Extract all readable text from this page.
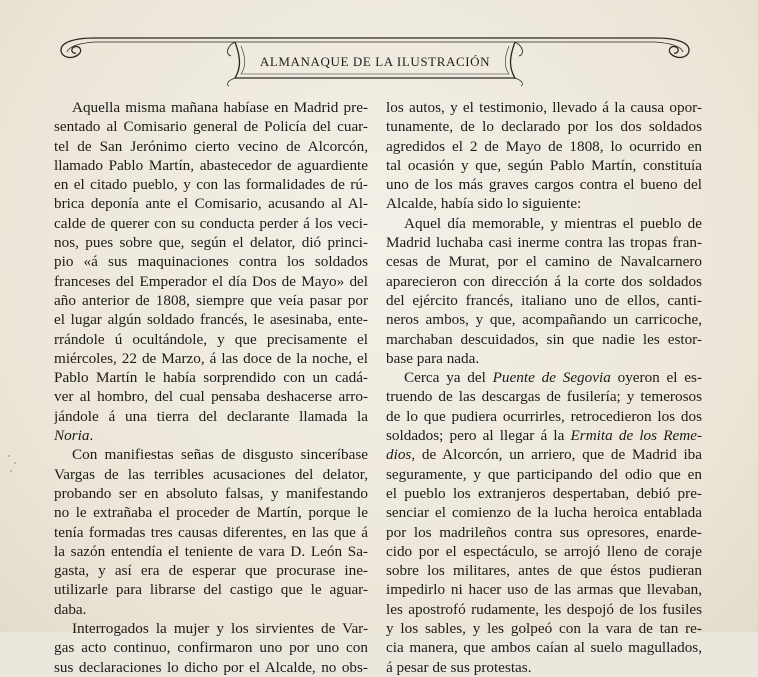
ALMANAQUE DE LA ILUSTRACIÓN
Aquella misma mañana habíase en Madrid pre-
sentado al Comisario general de Policía del cuar-
tel de San Jerónimo cierto vecino de Alcorcón,
llamado Pablo Martín, abastecedor de aguardiente
en el citado pueblo, y con las formalidades de rú-
brica deponía ante el Comisario, acusando al Al-
calde de querer con su conducta perder á los veci-
nos, pues sobre que, según el delator, dió princi-
pio «á sus maquinaciones contra los soldados
franceses del Emperador el día Dos de Mayo» del
año anterior de 1808, siempre que veía pasar por
el lugar algún soldado francés, le asesinaba, ente-
rrándole ú ocultándole, y que precisamente el
miércoles, 22 de Marzo, á las doce de la noche, el
Pablo Martín le había sorprendido con un cadá-
ver al hombro, del cual pensaba deshacerse arro-
jándole á una tierra del declarante llamada la
Noria.
Con manifiestas señas de disgusto sinceríbase
Vargas de las terribles acusaciones del delator,
probando ser en absoluto falsas, y manifestando
no le extrañaba el proceder de Martín, porque le
tenía formadas tres causas diferentes, en las que á
la sazón entendía el teniente de vara D. León Sa-
gasta, y así era de esperar que procurase ine-
utilizarle para librarse del castigo que le aguar-
daba.
Interrogados la mujer y los sirvientes de Var-
gas acto continuo, confirmaron uno por uno con
sus declaraciones lo dicho por el Alcalde, no obs-
los autos, y el testimonio, llevado á la causa opor-
tunamente, de lo declarado por los dos soldados
agredidos el 2 de Mayo de 1808, lo ocurrido en
tal ocasión y que, según Pablo Martín, constituía
uno de los más graves cargos contra el bueno del
Alcalde, había sido lo siguiente:
Aquel día memorable, y mientras el pueblo de
Madrid luchaba casi inerme contra las tropas fran-
cesas de Murat, por el camino de Navalcarnero
aparecieron con dirección á la corte dos soldados
del ejército francés, italiano uno de ellos, canti-
neros ambos, y que, acompañando un carricoche,
marchaban descuidados, sin que nadie les estor-
base para nada.
Cerca ya del Puente de Segovia oyeron el es-
truendo de las descargas de fusilería; y temerosos
de lo que pudiera ocurrirles, retrocedieron los dos
soldados; pero al llegar á la Ermita de los Reme-
dios, de Alcorcón, un arriero, que de Madrid iba
seguramente, y que participando del odio que en
el pueblo los extranjeros despertaban, debió pre-
senciar el comienzo de la lucha heroica entablada
por los madrileños contra sus opresores, enarde-
cido por el espectáculo, se arrojó lleno de coraje
sobre los militares, antes de que éstos pudieran
impedirlo ni hacer uso de las armas que llevaban,
les apostrofó rudamente, les despojó de los fusiles
y los sables, y les golpeó con la vara de tan re-
cia manera, que ambos caían al suelo magullados,
á pesar de sus protestas.
